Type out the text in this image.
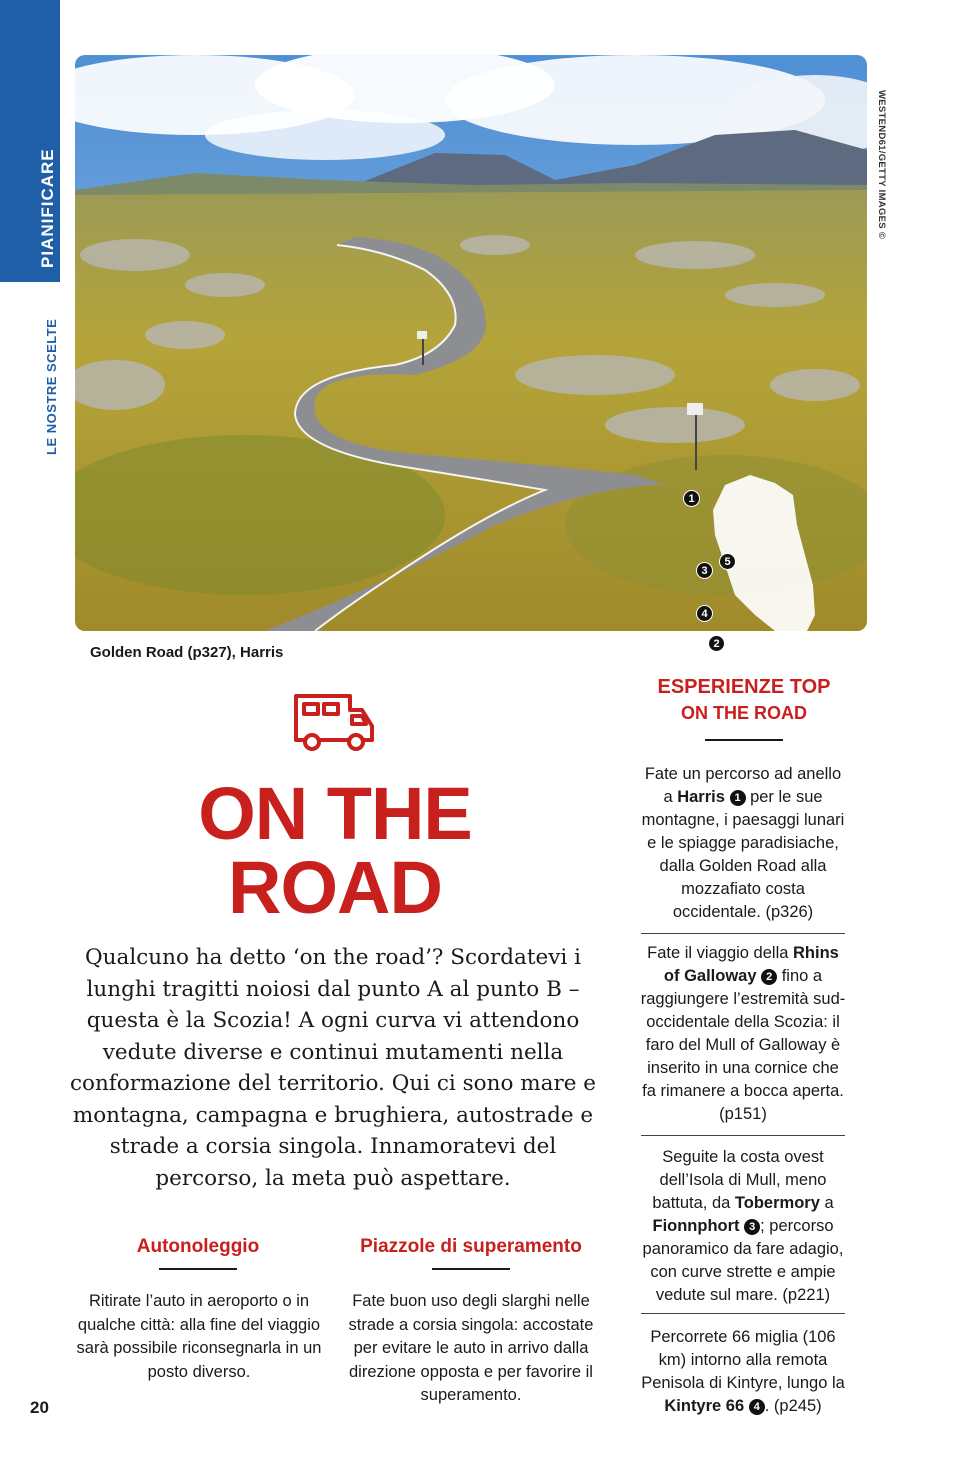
PIANIFICARE
LE NOSTRE SCELTE
WESTEND61/GETTY IMAGES ©
Golden Road (p327), Harris
1
5
3
4
2
ON THE
ROAD
Qualcuno ha detto ‘on the road’? Scordatevi i lunghi tragitti noiosi dal punto A al punto B – questa è la Scozia! A ogni curva vi attendono vedute diverse e continui mutamenti nella conformazione del territorio. Qui ci sono mare e montagna, campagna e brughiera, autostrade e strade a corsia singola. Innamoratevi del percorso, la meta può aspettare.
Autonoleggio
Ritirate l’auto in aeroporto o in qualche città: alla fine del viaggio sarà possibile riconsegnarla in un posto diverso.
Piazzole di superamento
Fate buon uso degli slarghi nelle strade a corsia singola: accostate per evitare le auto in arrivo dalla direzione opposta e per favorire il superamento.
20
ESPERIENZE TOP
ON THE ROAD
Fate un percorso ad anello a Harris 1 per le sue montagne, i paesaggi lunari e le spiagge paradisiache, dalla Golden Road alla mozzafiato costa occidentale. (p326)
Fate il viaggio della Rhins of Galloway 2 fino a raggiungere l’estremità sud-occidentale della Scozia: il faro del Mull of Galloway è inserito in una cornice che fa rimanere a bocca aperta. (p151)
Seguite la costa ovest dell’Isola di Mull, meno battuta, da Tobermory a Fionnphort 3 ; percorso panoramico da fare adagio, con curve strette e ampie vedute sul mare. (p221)
Percorrete 66 miglia (106 km) intorno alla remota Penisola di Kintyre, lungo la Kintyre 66 4 . (p245)
